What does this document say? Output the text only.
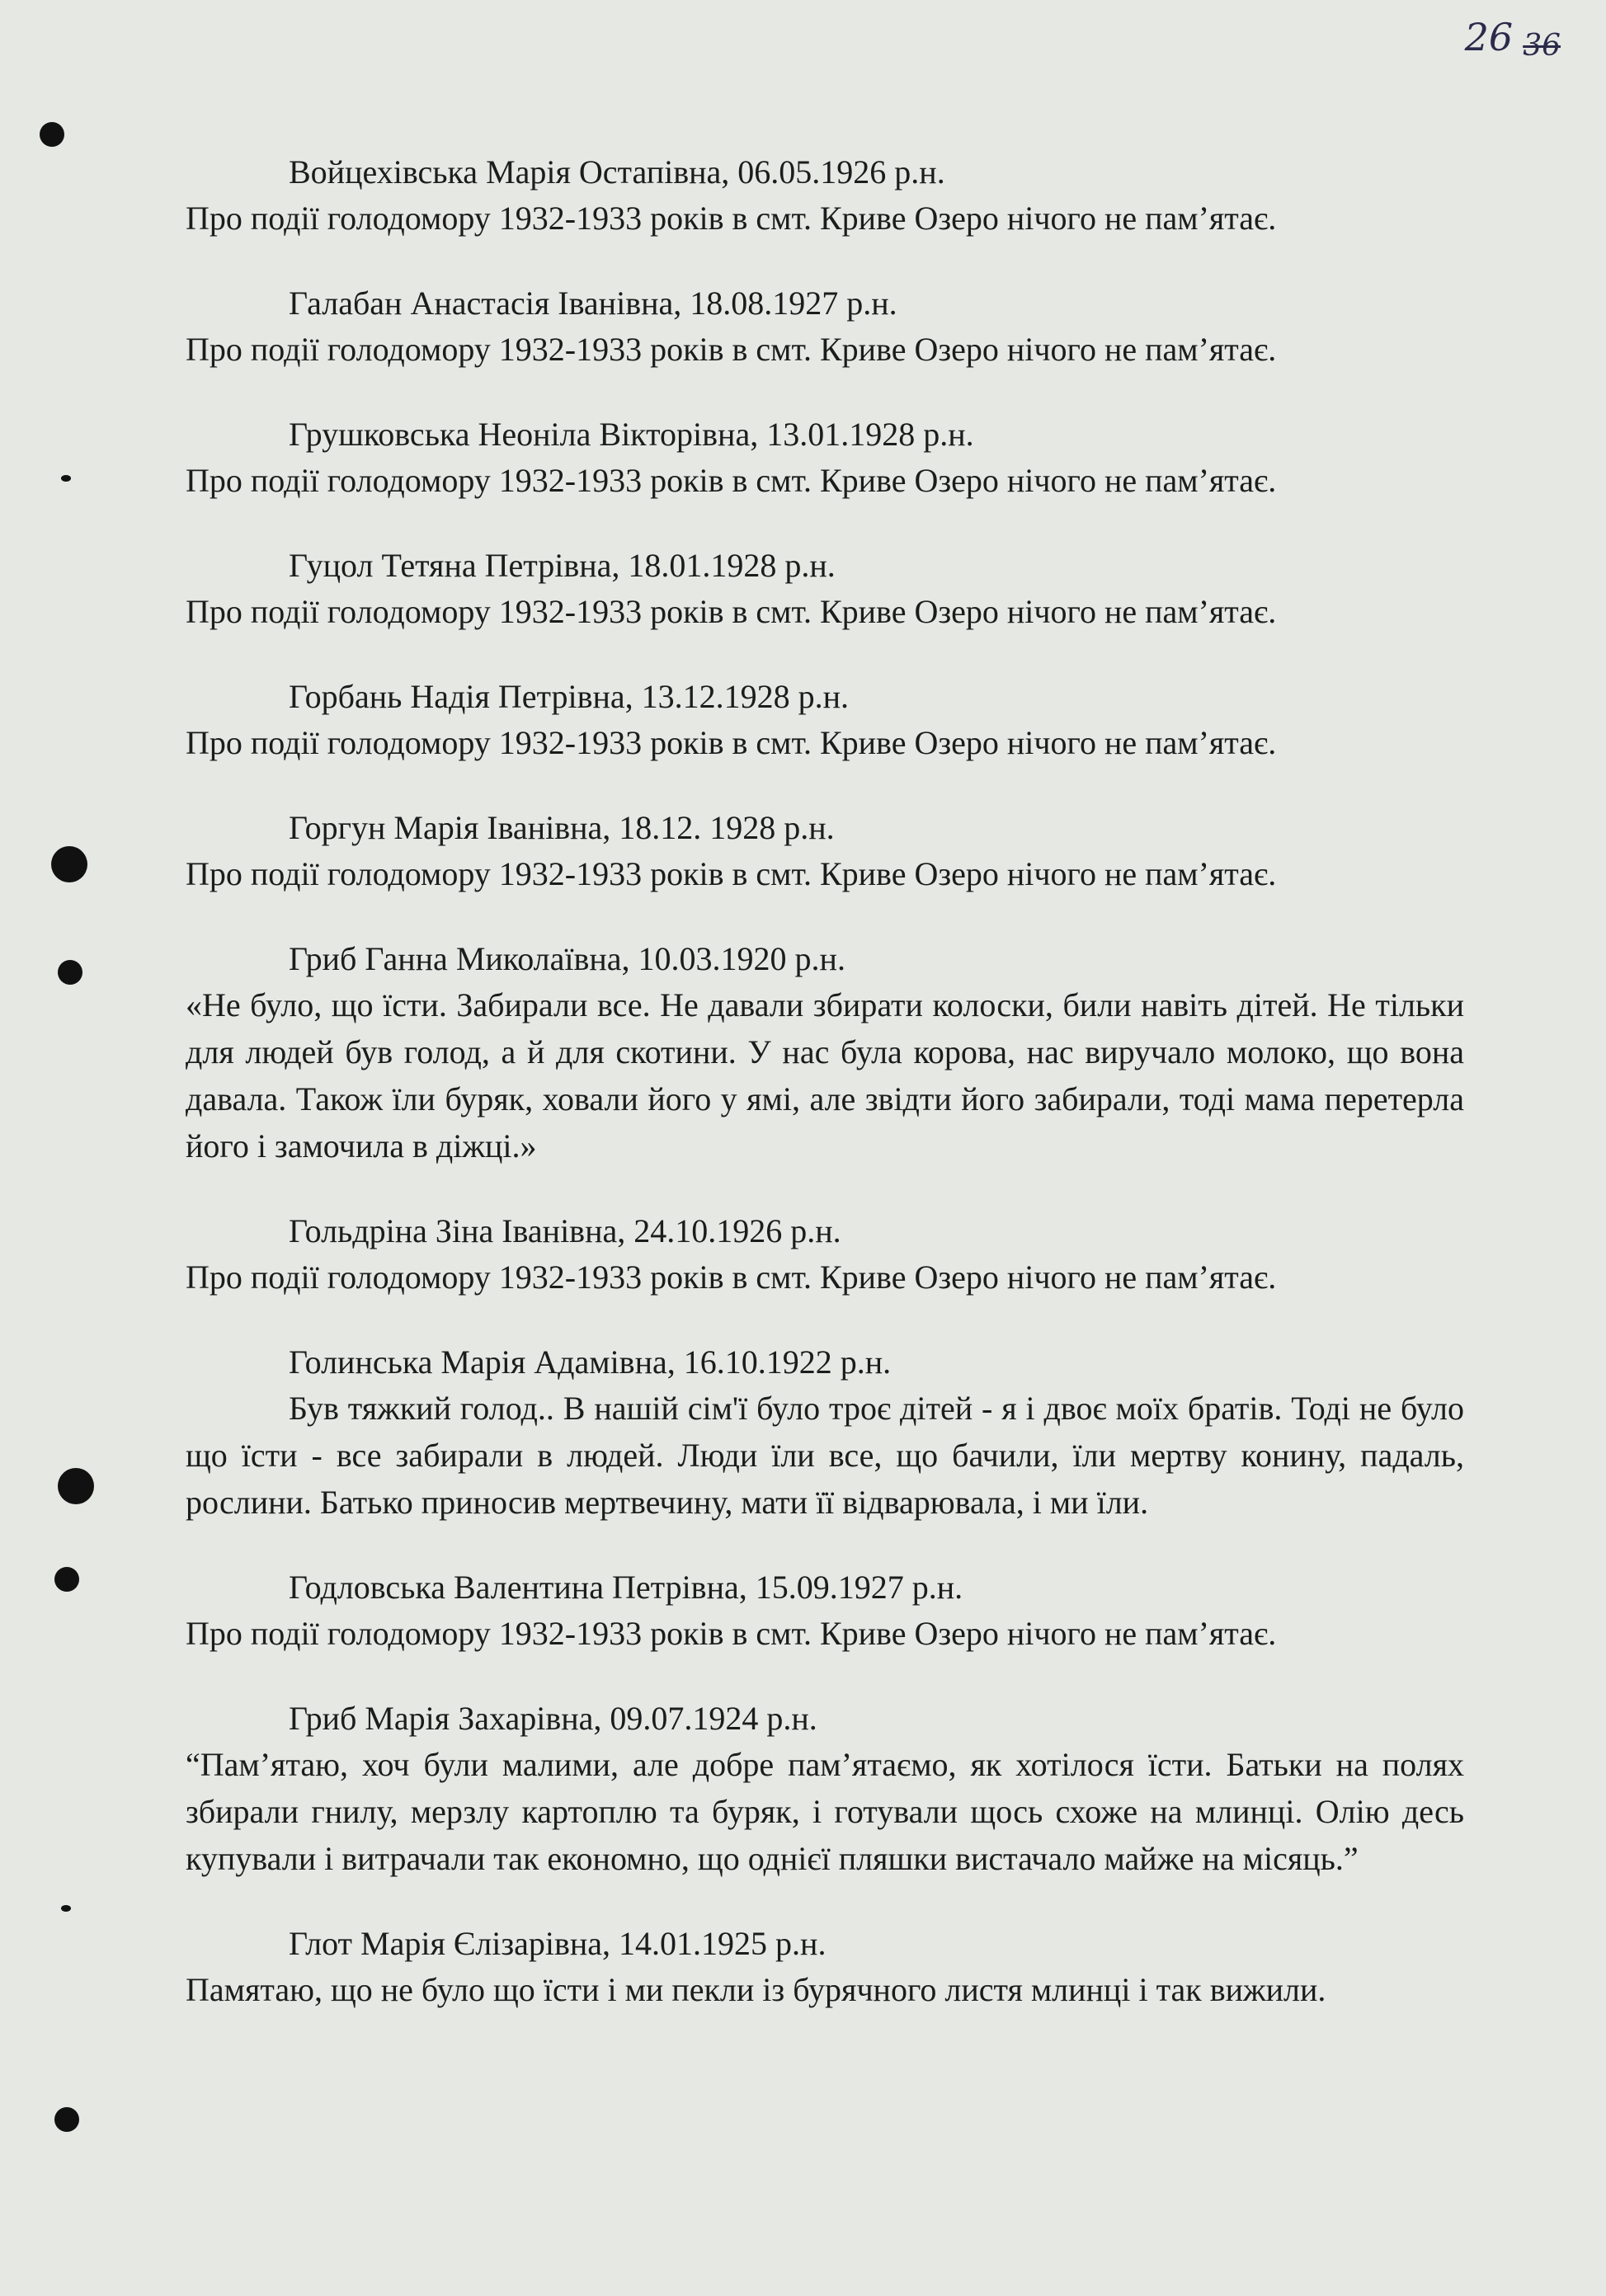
26 36
Войцехівська Марія Остапівна, 06.05.1926 р.н.
Про події голодомору 1932-1933 років в смт. Криве Озеро нічого не пам’ятає.
Галабан Анастасія Іванівна, 18.08.1927 р.н.
Про події голодомору 1932-1933 років в смт. Криве Озеро нічого не пам’ятає.
Грушковська Неоніла Вікторівна, 13.01.1928 р.н.
Про події голодомору 1932-1933 років в смт. Криве Озеро нічого не пам’ятає.
Гуцол Тетяна Петрівна, 18.01.1928 р.н.
Про події голодомору 1932-1933 років в смт. Криве Озеро нічого не пам’ятає.
Горбань Надія Петрівна, 13.12.1928 р.н.
Про події голодомору 1932-1933 років в смт. Криве Озеро нічого не пам’ятає.
Горгун Марія Іванівна, 18.12. 1928 р.н.
Про події голодомору 1932-1933 років в смт. Криве Озеро нічого не пам’ятає.
Гриб Ганна Миколаївна, 10.03.1920 р.н.
«Не було, що їсти. Забирали все. Не давали збирати колоски, били навіть дітей. Не тільки для людей був голод, а й для скотини. У нас була корова, нас виручало молоко, що вона давала. Також їли буряк, ховали його у ямі, але звідти його забирали, тоді мама перетерла його і замочила в діжці.»
Гольдріна Зіна Іванівна, 24.10.1926 р.н.
Про події голодомору 1932-1933 років в смт. Криве Озеро нічого не пам’ятає.
Голинська Марія Адамівна, 16.10.1922 р.н.
Був тяжкий голод.. В нашій сім'ї було троє дітей - я і двоє моїх братів. Тоді не було що їсти - все забирали в людей. Люди їли все, що бачили, їли мертву конину, падаль, рослини. Батько приносив мертвечину, мати її відварювала, і ми їли.
Годловська Валентина Петрівна, 15.09.1927 р.н.
Про події голодомору 1932-1933 років в смт. Криве Озеро нічого не пам’ятає.
Гриб Марія Захарівна, 09.07.1924 р.н.
“Пам’ятаю, хоч були малими, але добре пам’ятаємо, як хотілося їсти. Батьки на полях збирали гнилу, мерзлу картоплю та буряк, і готували щось схоже на млинці. Олію десь купували і витрачали так економно, що однієї пляшки вистачало майже на місяць.”
Глот Марія Єлізарівна, 14.01.1925 р.н.
Памятаю, що не було що їсти і ми пекли із бурячного листя млинці і так вижили.
